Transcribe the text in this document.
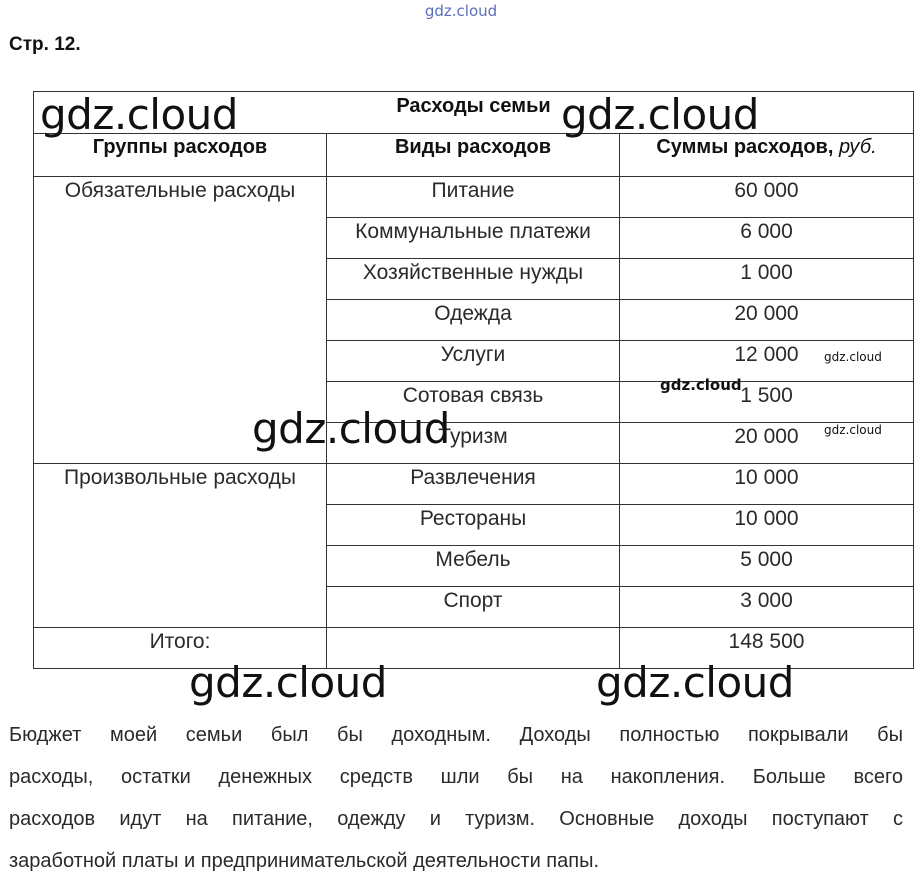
gdz.cloud
Стр. 12.
Расходы семьи		
Группы расходов	Виды расходов	Суммы расходов, руб.
Обязательные расходы	Питание	60 000
	Коммунальные платежи	6 000
	Хозяйственные нужды	1 000
	Одежда	20 000
	Услуги	12 000
	Сотовая связь	1 500
	Туризм	20 000
Произвольные расходы	Развлечения	10 000
	Рестораны	10 000
	Мебель	5 000
	Спорт	3 000
Итого:		148 500
gdz.cloud	gdz.cloud
gdz.cloud
gdz.cloud	gdz.cloud
gdz.cloud
gdz.cloud
gdz.cloud
Бюджет моей семьи был бы доходным. Доходы полностью покрывали бы
расходы, остатки денежных средств шли бы на накопления. Больше всего
расходов идут на питание, одежду и туризм. Основные доходы поступают с
заработной платы и предпринимательской деятельности папы.
